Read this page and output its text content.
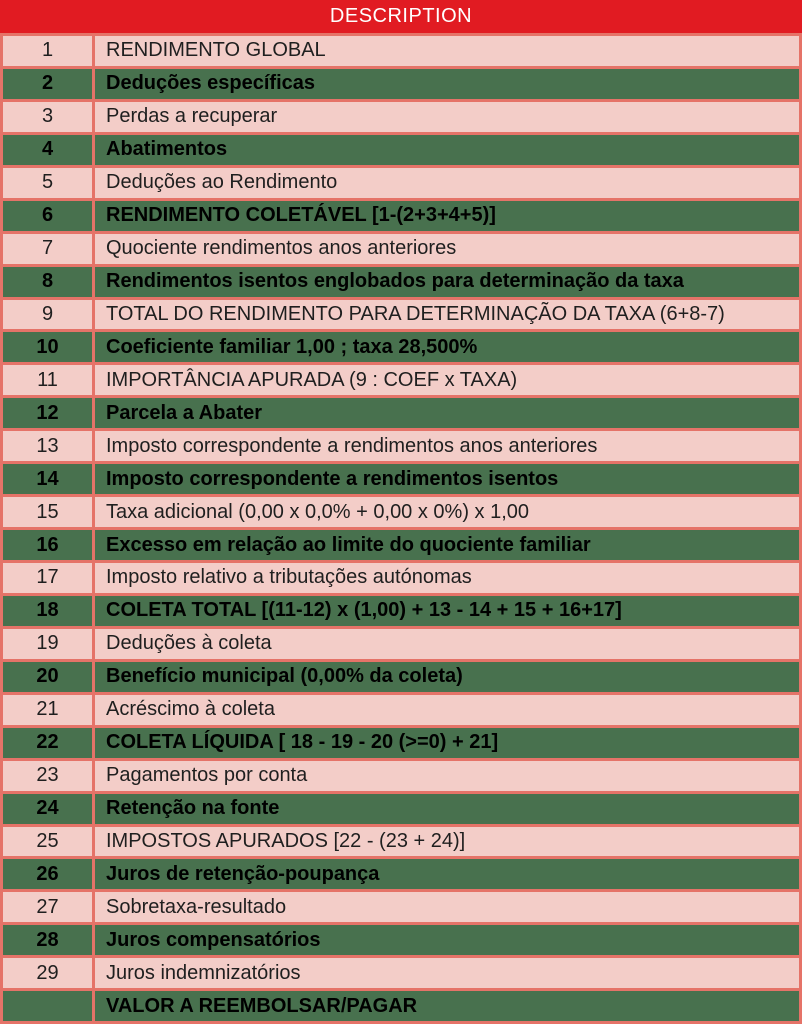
DESCRIPTION
1	RENDIMENTO GLOBAL
2	Deduções específicas
3	Perdas a recuperar
4	Abatimentos
5	Deduções ao Rendimento
6	RENDIMENTO COLETÁVEL [1-(2+3+4+5)]
7	Quociente rendimentos anos anteriores
8	Rendimentos isentos englobados para determinação da taxa
9	TOTAL DO RENDIMENTO PARA DETERMINAÇÃO DA TAXA (6+8-7)
10	Coeficiente familiar 1,00 ; taxa 28,500%
11	IMPORTÂNCIA APURADA (9 : COEF x TAXA)
12	Parcela a Abater
13	Imposto correspondente a rendimentos anos anteriores
14	Imposto correspondente a rendimentos isentos
15	Taxa adicional (0,00 x 0,0% + 0,00 x 0%) x 1,00
16	Excesso em relação ao limite do quociente familiar
17	Imposto relativo a tributações autónomas
18	COLETA TOTAL [(11-12) x (1,00) + 13 - 14 + 15 + 16+17]
19	Deduções à coleta
20	Benefício municipal (0,00% da coleta)
21	Acréscimo à coleta
22	COLETA LÍQUIDA [ 18 - 19 - 20 (>=0) + 21]
23	Pagamentos por conta
24	Retenção na fonte
25	IMPOSTOS APURADOS [22 - (23 + 24)]
26	Juros de retenção-poupança
27	Sobretaxa-resultado
28	Juros compensatórios
29	Juros indemnizatórios
VALOR A REEMBOLSAR/PAGAR
